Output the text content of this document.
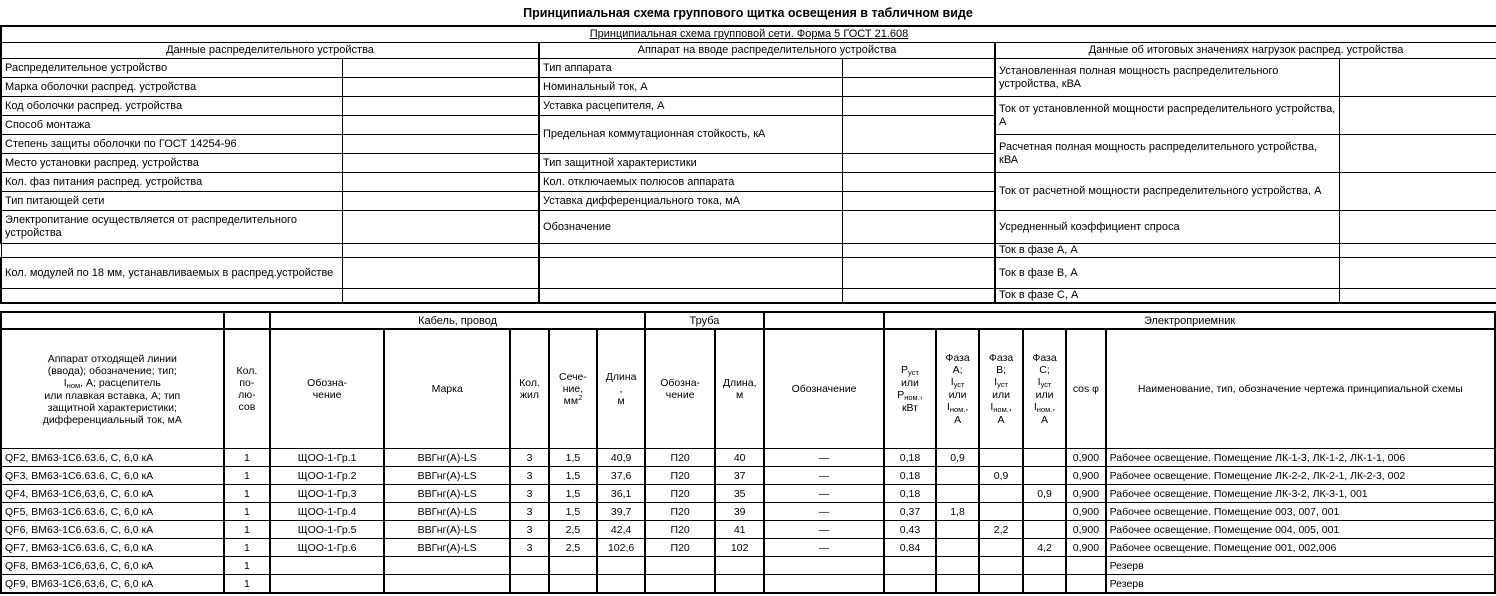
Принципиальная схема группового щитка освещения в табличном виде
Принципиальная схема групповой сети. Форма 5 ГОСТ 21.608					
Данные распределительного устройства		Аппарат на вводе распределительного устройства		Данные об итоговых значениях нагрузок распред. устройства	
Распределительное устройство		Тип аппарата		Установленная полная мощность распределительного устройства, кВА	
Марка оболочки распред. устройства		Номинальный ток, А			
Код оболочки распред. устройства		Уставка расцепителя, А		Ток от установленной мощности распределительного устройства, А	
Способ монтажа		Предельная коммутационная стойкость, кА			
Степень защиты оболочки по ГОСТ 14254-96				Расчетная полная мощность распределительного устройства, кВА	
Место установки распред. устройства		Тип защитной характеристики			
Кол. фаз питания распред. устройства		Кол. отключаемых полюсов аппарата		Ток от расчетной мощности распределительного устройства, А	
Тип питающей сети		Уставка дифференциального тока, мА			
Электропитание осуществляется от распределительного устройства		Обозначение		Усредненный коэффициент спроса	
				Ток в фазе А, А	
Кол. модулей по 18 мм, устанавливаемых в распред.устройстве				Ток в фазе В, А	
				Ток в фазе С, А	
		Кабель, провод					Труба			Электроприемник					
Аппарат отходящей линии
(ввода); обозначение; тип;
$I_{ном}$, А; расцепитель
или плавкая вставка, А; тип
защитной характеристики;
дифференциальный ток, мА	Кол.
по-
лю-
сов	Обозна-
чение	Марка	Кол.
жил	Сече-
ние,
$мм^2$	Длина
,
м	Обозна-
чение	Длина,
м	Обозначение	$P_{уст}$
или
$P_{ном.}$,
кВт	Фаза
А;
$I_{уст}$
или
$I_{ном.}$,
А	Фаза
В;
$I_{уст}$
или
$I_{ном.}$,
А	Фаза
С;
$I_{уст}$
или
$I_{ном.}$,
А	cos φ	Наименование, тип, обозначение чертежа принципиальной схемы
QF2, ВМ63-1С6.63.6, С, 6,0 кА	1	ЩОО-1-Гр.1	ВВГнг(А)-LS	3	1,5	40,9	П20	40	—	0,18	0,9			0,900	Рабочее освещение. Помещение ЛК-1-3, ЛК-1-2, ЛК-1-1, 006
QF3, ВМ63-1С6.63.6, С, 6,0 кА	1	ЩОО-1-Гр.2	ВВГнг(А)-LS	3	1,5	37,6	П20	37	—	0,18		0,9		0,900	Рабочее освещение. Помещение ЛК-2-2, ЛК-2-1, ЛК-2-3, 002
QF4, ВМ63-1С6,63,6, С, 6.0 кА	1	ЩОО-1-Гр.3	ВВГнг(А)-LS	3	1,5	36,1	П20	35	—	0,18			0,9	0,900	Рабочее освещение. Помещение ЛК-3-2, ЛК-3-1, 001
QF5, ВМ63-1С6.63.6, С, 6,0 кА	1	ЩОО-1-Гр.4	ВВГнг(А)-LS	3	1,5	39,7	П20	39	—	0,37	1,8			0,900	Рабочее освещение. Помещение 003, 007, 001
QF6, ВМ63-1С6.63.6, С, 6,0 кА	1	ЩОО-1-Гр.5	ВВГнг(А)-LS	3	2,5	42,4	П20	41	—	0,43		2,2		0,900	Рабочее освещение. Помещение 004, 005, 001
QF7, ВМ63-1С6.63.6, С, 6,0 кА	1	ЩОО-1-Гр.6	ВВГнг(А)-LS	3	2,5	102,6	П20	102	—	0,84			4,2	0,900	Рабочее освещение. Помещение 001, 002,006
QF8, ВМ63-1С6,63,6, С, 6,0 кА	1														Резерв
QF9, ВМ63-1С6,63,6, С, 6,0 кА	1														Резерв
